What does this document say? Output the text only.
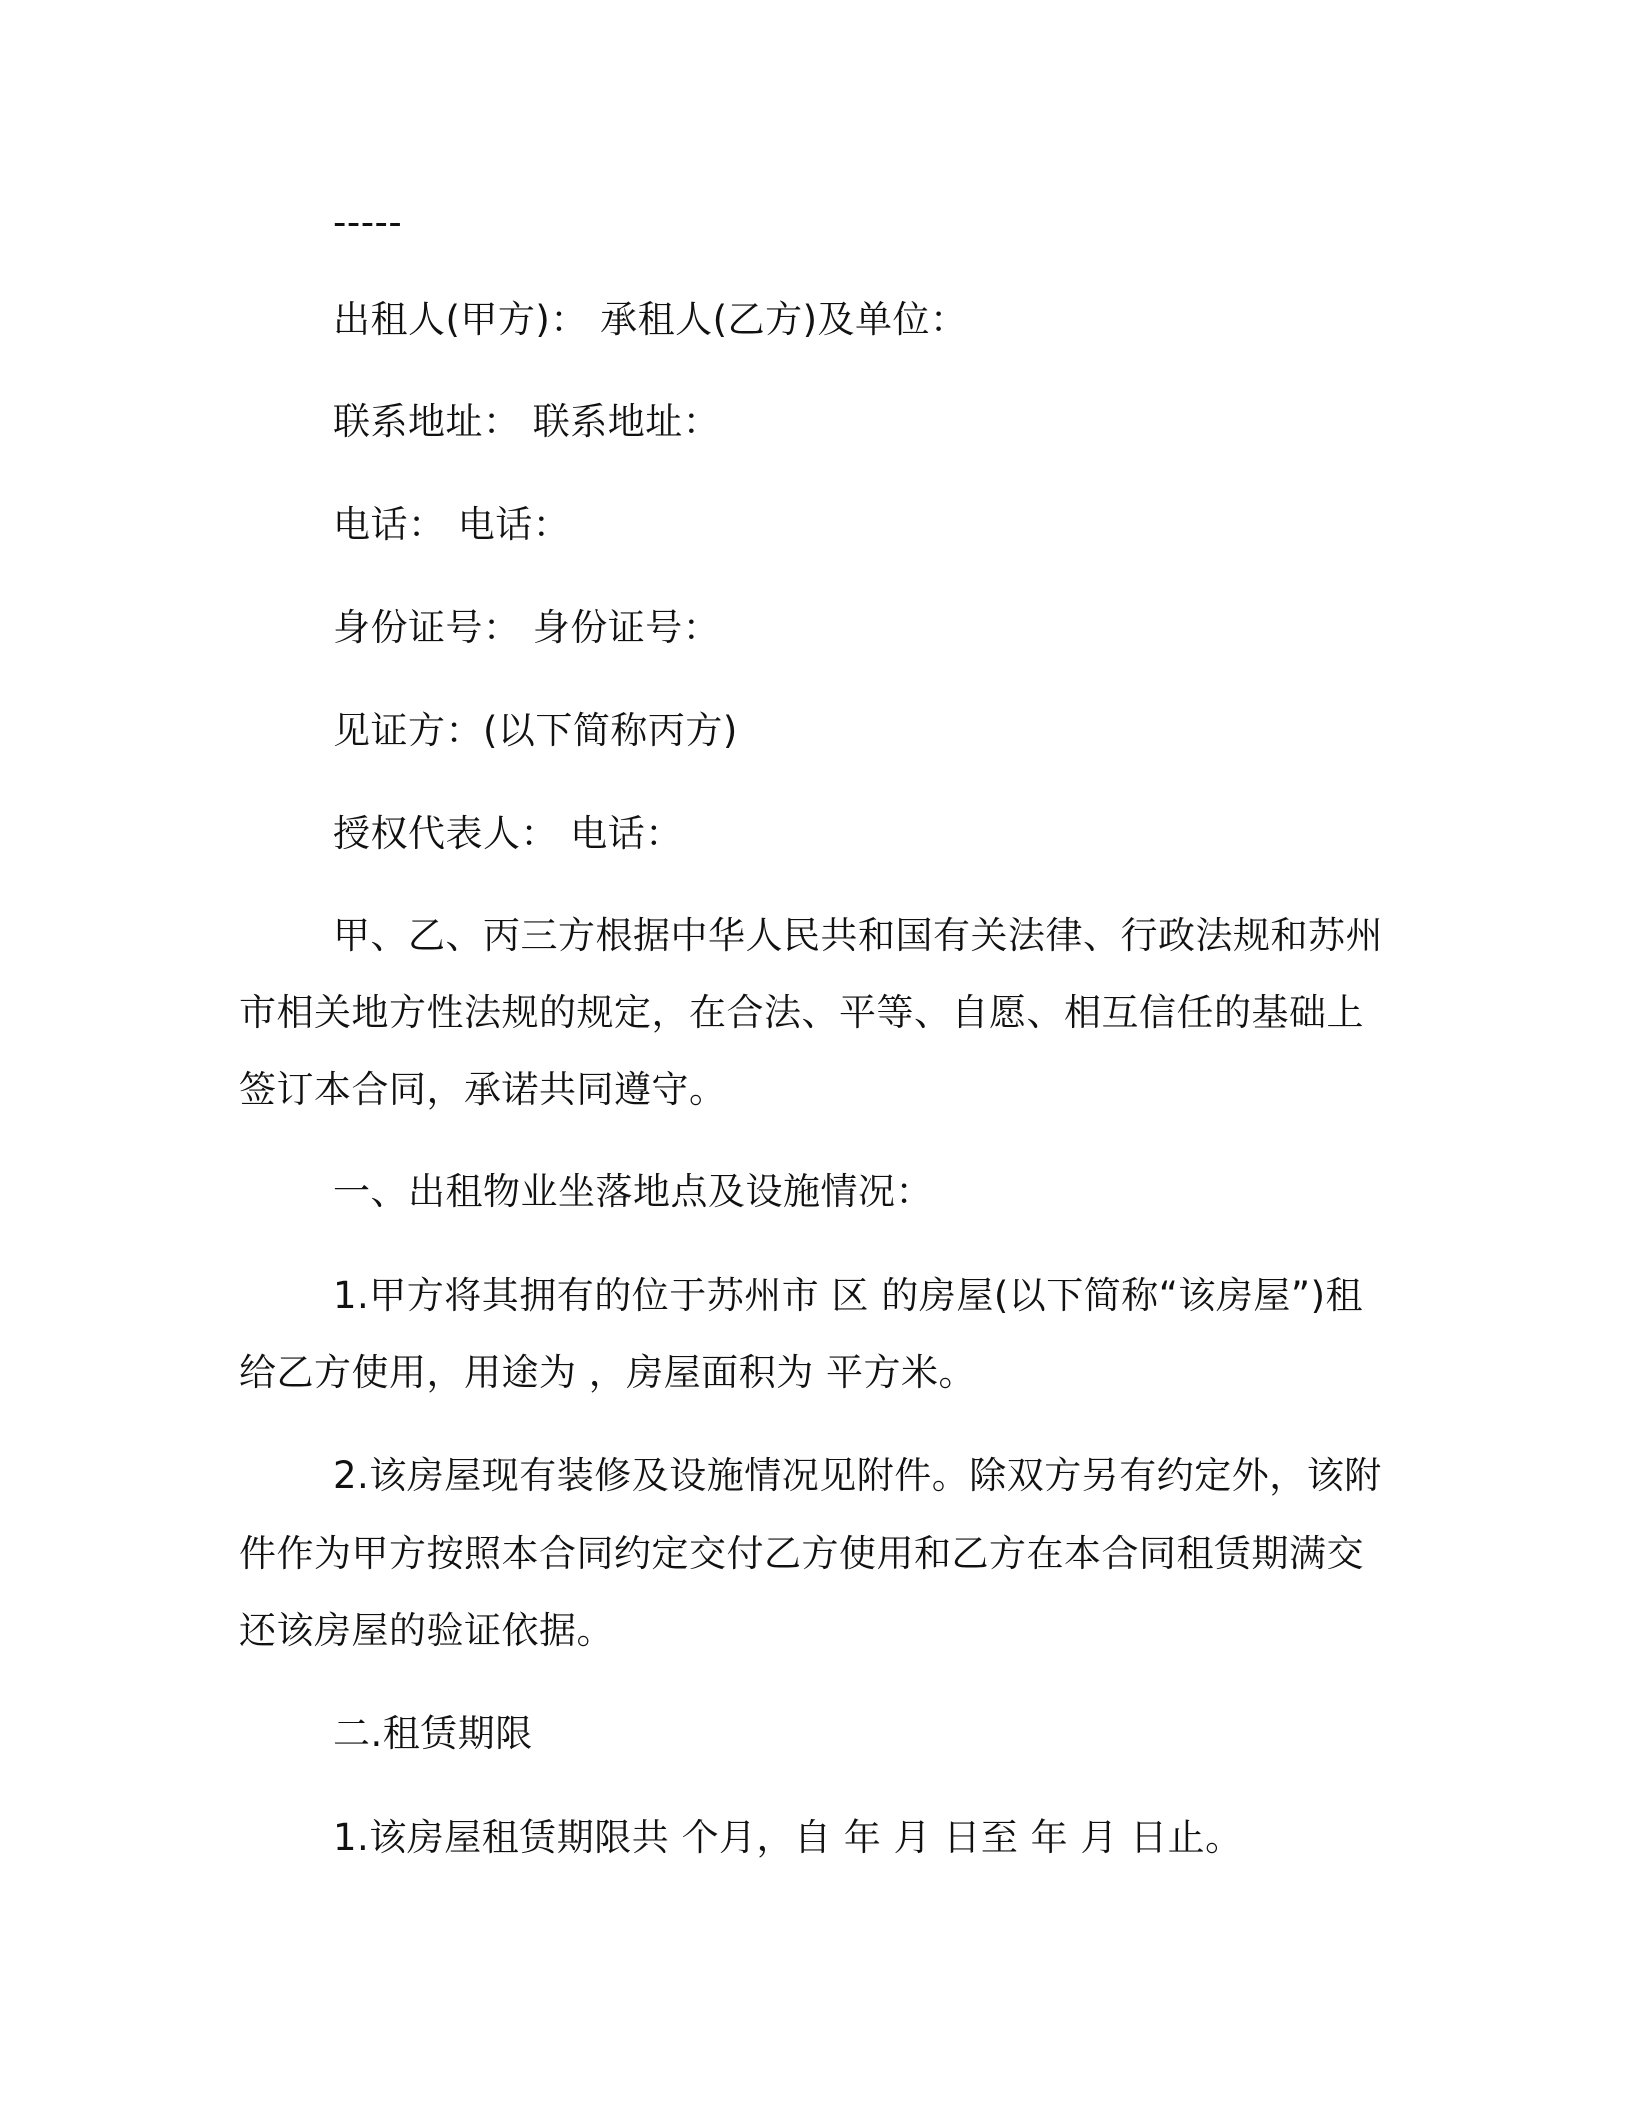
-----
出租人(甲方)： 承租人(乙方)及单位：
联系地址： 联系地址：
电话： 电话：
身份证号： 身份证号：
见证方：(以下简称丙方)
授权代表人： 电话：
甲、乙、丙三方根据中华人民共和国有关法律、行政法规和苏州
市相关地方性法规的规定，在合法、平等、自愿、相互信任的基础上
签订本合同，承诺共同遵守。
一、出租物业坐落地点及设施情况：
1.甲方将其拥有的位于苏州市 区 的房屋(以下简称“该房屋”)租
给乙方使用，用途为 ，房屋面积为 平方米。
2.该房屋现有装修及设施情况见附件。除双方另有约定外，该附
件作为甲方按照本合同约定交付乙方使用和乙方在本合同租赁期满交
还该房屋的验证依据。
二.租赁期限
1.该房屋租赁期限共 个月，自 年 月 日至 年 月 日止。
